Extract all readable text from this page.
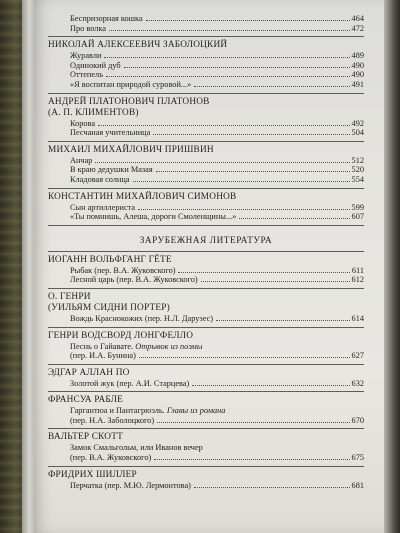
Беспризорная кошка	464
Про волка	472
НИКОЛАЙ АЛЕКСЕЕВИЧ ЗАБОЛОЦКИЙ
Журавли	489
Одинокий дуб	490
Оттепель	490
«Я воспитан природой суровой...»	491
АНДРЕЙ ПЛАТОНОВИЧ ПЛАТОНОВ
(А. П. КЛИМЕНТОВ)
Корова	492
Песчаная учительница	504
МИХАИЛ МИХАЙЛОВИЧ ПРИШВИН
Анчар	512
В краю дедушки Мазая	520
Кладовая солнца	554
КОНСТАНТИН МИХАЙЛОВИЧ СИМОНОВ
Сын артиллериста	599
«Ты помнишь, Алеша, дороги Смоленщины...»	607
ЗАРУБЕЖНАЯ ЛИТЕРАТУРА
ИОГАНН ВОЛЬФГАНГ ГЁТЕ
Рыбак (пер. В.А. Жуковского)	611
Лесной царь (пер. В.А. Жуковского)	612
О. ГЕНРИ
(УИЛЬЯМ СИДНИ ПОРТЕР)
Вождь Краснокожих (пер. Н.Л. Дарузес)	614
ГЕНРИ ВОДСВОРД ЛОНГФЕЛЛО
Песнь о Гайавате. Отрывок из поэмы
(пер. И.А. Бунина)	627
ЭДГАР АЛЛАН ПО
Золотой жук (пер. А.И. Старцева)	632
ФРАНСУА РАБЛЕ
Гаргантюа и Пантагрюэль. Главы из романа
(пер. Н.А. Заболоцкого)	670
ВАЛЬТЕР СКОТТ
Замок Смальгольм, или Иванов вечер
(пер. В.А. Жуковского)	675
ФРИДРИХ ШИЛЛЕР
Перчатка (пер. М.Ю. Лермонтова)	681
